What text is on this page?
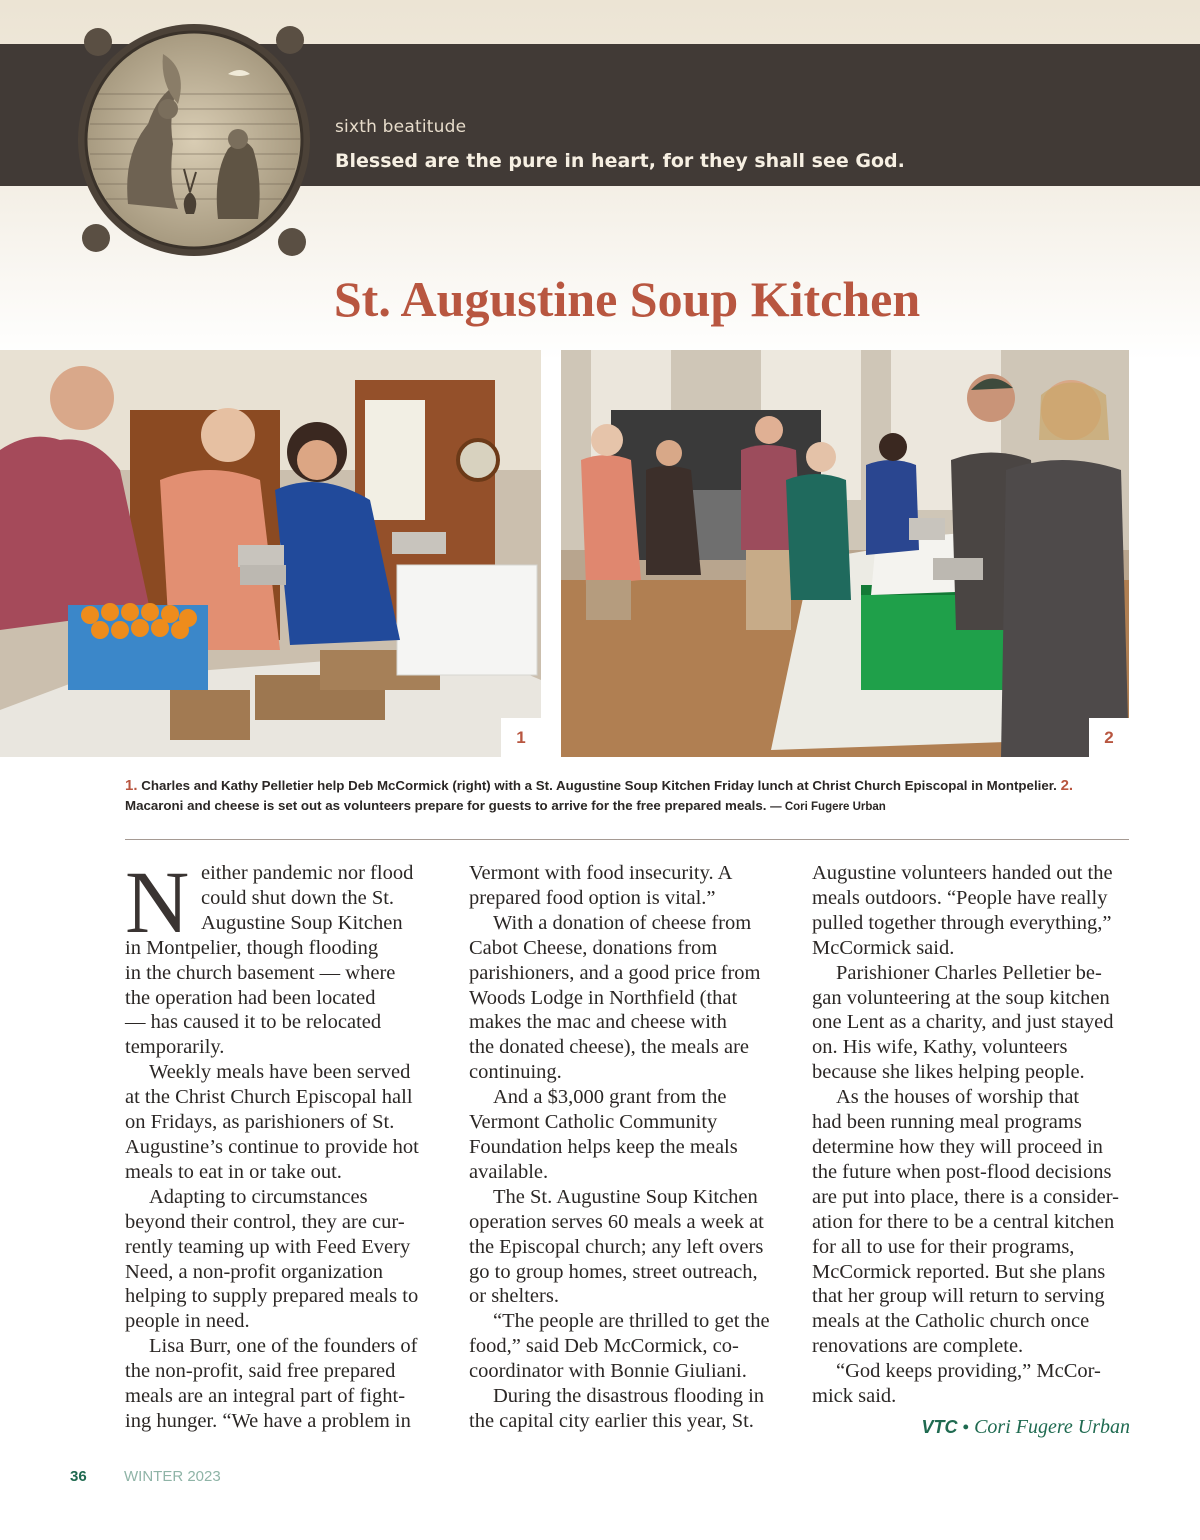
sixth beatitude
Blessed are the pure in heart, for they shall see God.
St. Augustine Soup Kitchen
1	2
1. Charles and Kathy Pelletier help Deb McCormick (right) with a St. Augustine Soup Kitchen Friday lunch at Christ Church Episcopal in Montpelier. 2. Macaroni and cheese is set out as volunteers prepare for guests to arrive for the free prepared meals. — Cori Fugere Urban
N either pandemic nor flood
could shut down the St.
Augustine Soup Kitchen

in Montpelier, though flooding
in the church basement — where
the operation had been located
— has caused it to be relocated
temporarily.

Weekly meals have been served
at the Christ Church Episcopal hall
on Fridays, as parishioners of St.
Augustine’s continue to provide hot
meals to eat in or take out.

Adapting to circumstances
beyond their control, they are cur-
rently teaming up with Feed Every
Need, a non-profit organization
helping to supply prepared meals to
people in need.

Lisa Burr, one of the founders of
the non-profit, said free prepared
meals are an integral part of fight-
ing hunger. “We have a problem in

Vermont with food insecurity. A
prepared food option is vital.”

With a donation of cheese from
Cabot Cheese, donations from
parishioners, and a good price from
Woods Lodge in Northfield (that
makes the mac and cheese with
the donated cheese), the meals are
continuing.

And a $3,000 grant from the
Vermont Catholic Community
Foundation helps keep the meals
available.

The St. Augustine Soup Kitchen
operation serves 60 meals a week at
the Episcopal church; any left overs
go to group homes, street outreach,
or shelters.

“The people are thrilled to get the
food,” said Deb McCormick, co-
coordinator with Bonnie Giuliani.

During the disastrous flooding in
the capital city earlier this year, St.

Augustine volunteers handed out the
meals outdoors. “People have really
pulled together through everything,”
McCormick said.

Parishioner Charles Pelletier be-
gan volunteering at the soup kitchen
one Lent as a charity, and just stayed
on. His wife, Kathy, volunteers
because she likes helping people.

As the houses of worship that
had been running meal programs
determine how they will proceed in
the future when post-flood decisions
are put into place, there is a consider-
ation for there to be a central kitchen
for all to use for their programs,
McCormick reported. But she plans
that her group will return to serving
meals at the Catholic church once
renovations are complete.

“God keeps providing,” McCor-
mick said.

VTC • Cori Fugere Urban
36 WINTER 2023
